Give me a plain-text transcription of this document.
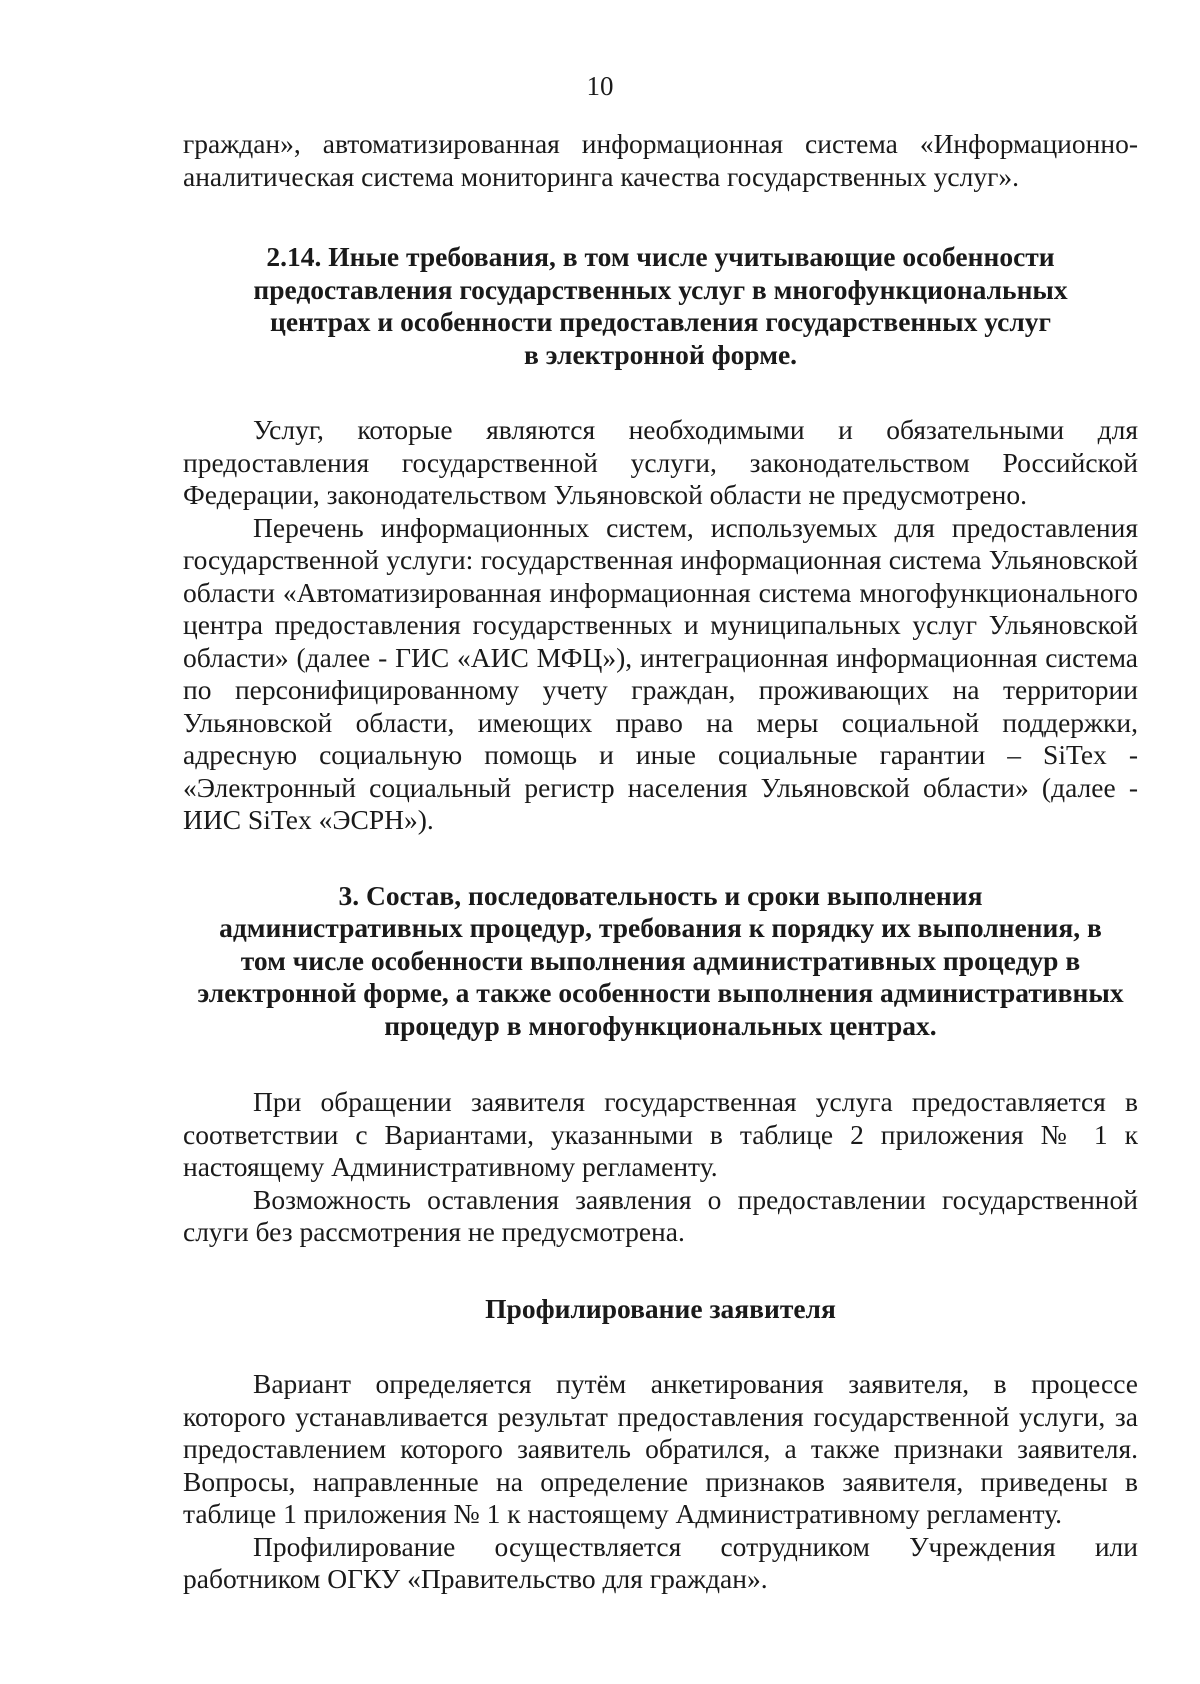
10

граждан», автоматизированная информационная система «Информационно-аналитическая система мониторинга качества государственных услуг».

2.14. Иные требования, в том числе учитывающие особенности
предоставления государственных услуг в многофункциональных
центрах и особенности предоставления государственных услуг
в электронной форме.

Услуг, которые являются необходимыми и обязательными для предоставления государственной услуги, законодательством Российской Федерации, законодательством Ульяновской области не предусмотрено.

Перечень информационных систем, используемых для предоставления государственной услуги: государственная информационная система Ульяновской области «Автоматизированная информационная система многофункционального центра предоставления государственных и муниципальных услуг Ульяновской области» (далее - ГИС «АИС МФЦ»), интеграционная информационная система по персонифицированному учету граждан, проживающих на территории Ульяновской области, имеющих право на меры социальной поддержки, адресную социальную помощь и иные социальные гарантии – SiTex - «Электронный социальный регистр населения Ульяновской области» (далее - ИИС SiTex «ЭСРН»).

3. Состав, последовательность и сроки выполнения
административных процедур, требования к порядку их выполнения, в
том числе особенности выполнения административных процедур в
электронной форме, а также особенности выполнения административных
процедур в многофункциональных центрах.

При обращении заявителя государственная услуга предоставляется в соответствии с Вариантами, указанными в таблице 2 приложения № 1 к настоящему Административному регламенту.

Возможность оставления заявления о предоставлении государственной слуги без рассмотрения не предусмотрена.

Профилирование заявителя

Вариант определяется путём анкетирования заявителя, в процессе которого устанавливается результат предоставления государственной услуги, за предоставлением которого заявитель обратился, а также признаки заявителя. Вопросы, направленные на определение признаков заявителя, приведены в таблице 1 приложения № 1 к настоящему Административному регламенту.

Профилирование осуществляется сотрудником Учреждения или работником ОГКУ «Правительство для граждан».
